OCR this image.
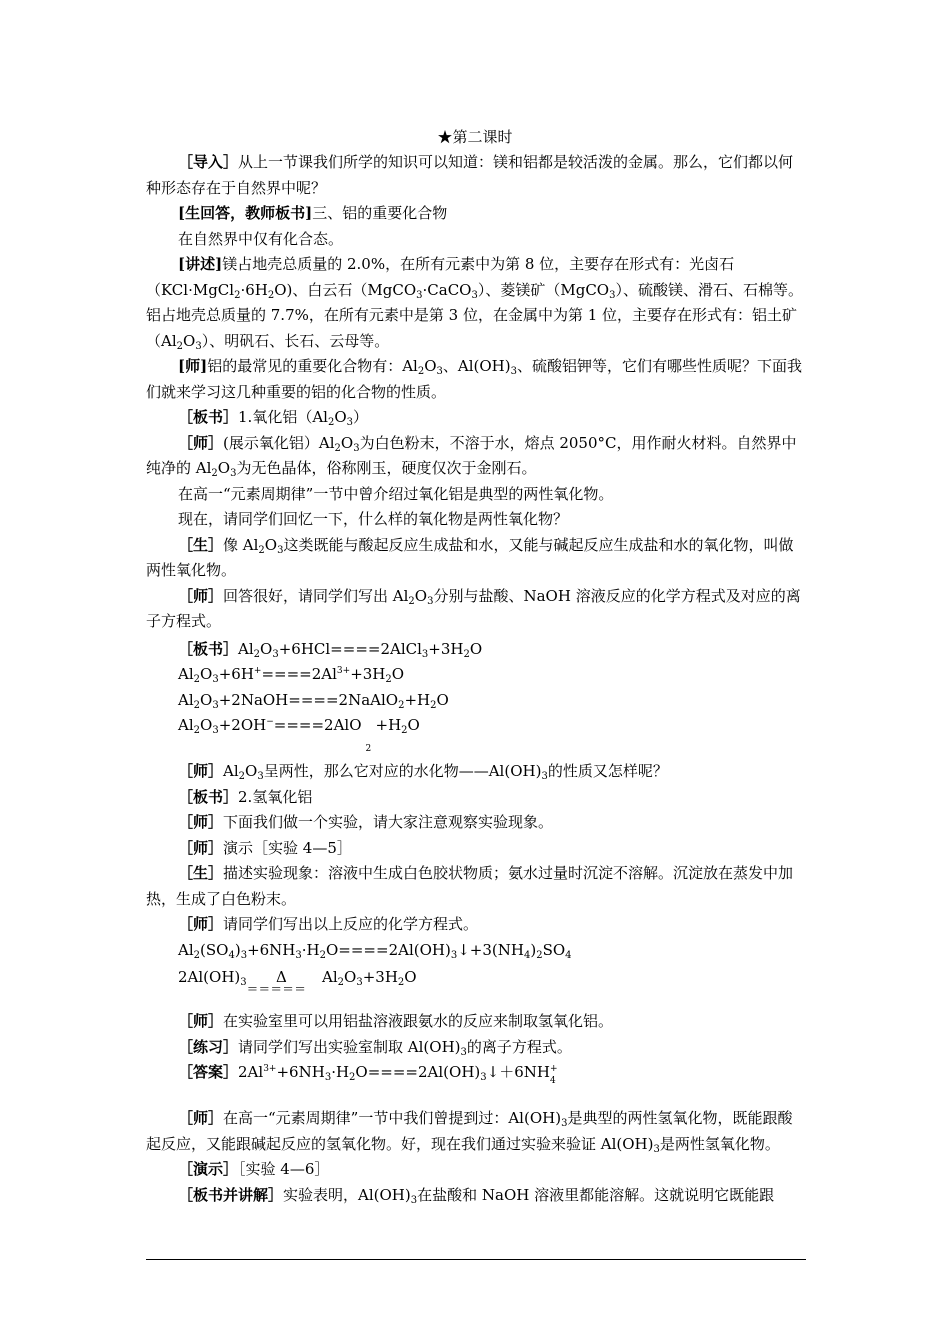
★第二课时

［导入］从上一节课我们所学的知识可以知道：镁和铝都是较活泼的金属。那么，它们都以何种形态存在于自然界中呢？

[生回答，教师板书]三、铝的重要化合物

在自然界中仅有化合态。

[讲述]镁占地壳总质量的 2.0%，在所有元素中为第 8 位，主要存在形式有：光卤石$(KCl\cdot MgCl_2\cdot 6H_2O)$、白云石（MgCO$_3$·CaCO$_3$）、菱镁矿（MgCO$_3$）、硫酸镁、滑石、石棉等。铝占地壳总质量的 7.7%，在所有元素中是第 3 位，在金属中为第 1 位，主要存在形式有：铝土矿$(Al_2O_3)$、明矾石、长石、云母等。

[师]铝的最常见的重要化合物有：$Al_2O_3$、$Al(OH)_3$、硫酸铝钾等，它们有哪些性质呢？下面我们就来学习这几种重要的铝的化合物的性质。

［板书］1.氧化铝$(Al_2O_3)$

［师］(展示氧化铝）$Al_2O_3$为白色粉末，不溶于水，熔点 2050°C，用作耐火材料。自然界中纯净的 $Al_2O_3$为无色晶体，俗称刚玉，硬度仅次于金刚石。

在高一“元素周期律”一节中曾介绍过氧化铝是典型的两性氧化物。

现在，请同学们回忆一下，什么样的氧化物是两性氧化物？

［生］像 $Al_2O_3$这类既能与酸起反应生成盐和水，又能与碱起反应生成盐和水的氧化物，叫做两性氧化物。

［师］回答很好，请同学们写出 $Al_2O_3$分别与盐酸、NaOH 溶液反应的化学方程式及对应的离子方程式。

［板书$]Al_2O_3+6HCl====2AlCl_3+3H_2O$

$Al_2O_3+6H^+====2Al^{3+}+3H_2O$

$Al_2O_3+2NaOH====2NaAlO_2+H_2O$

$Al_2O_3+2OH^-====2AlO$
2
$+H_2O$

［师$]Al_2O_3$呈两性，那么它对应的水化物$——Al(OH)_3$的性质又怎样呢？

［板书］2.氢氧化铝

［师］下面我们做一个实验，请大家注意观察实验现象。

［师］演示［实验 4—5］

［生］描述实验现象：溶液中生成白色胶状物质；氨水过量时沉淀不溶解。沉淀放在蒸发中加热，生成了白色粉末。

［师］请同学们写出以上反应的化学方程式。

$Al_2(SO_4)_3+6NH_3\cdot H_2O====2Al(OH)_3↓+3(NH_4)_2SO_4$

$2Al(OH)_3$ Δ
=====
$Al_2O_3+3H_2O$

［师］在实验室里可以用铝盐溶液跟氨水的反应来制取氢氧化铝。

［练习］请同学们写出实验室制取 $Al(OH)_3$的离子方程式。

［答案$]2Al^{3+}+6NH_3\cdot H_2O====2Al(OH)_3↓+6NH^+$
4

［师］在高一“元素周期律”一节中我们曾提到过：$Al(OH)_3$是典型的两性氢氧化物，既能跟酸起反应，又能跟碱起反应的氢氧化物。好，现在我们通过实验来验证 $Al(OH)_3$是两性氢氧化物。

［演示］［实验 4—6］

［板书并讲解］实验表明，$Al(OH)_3$在盐酸和 NaOH 溶液里都能溶解。这就说明它既能跟
